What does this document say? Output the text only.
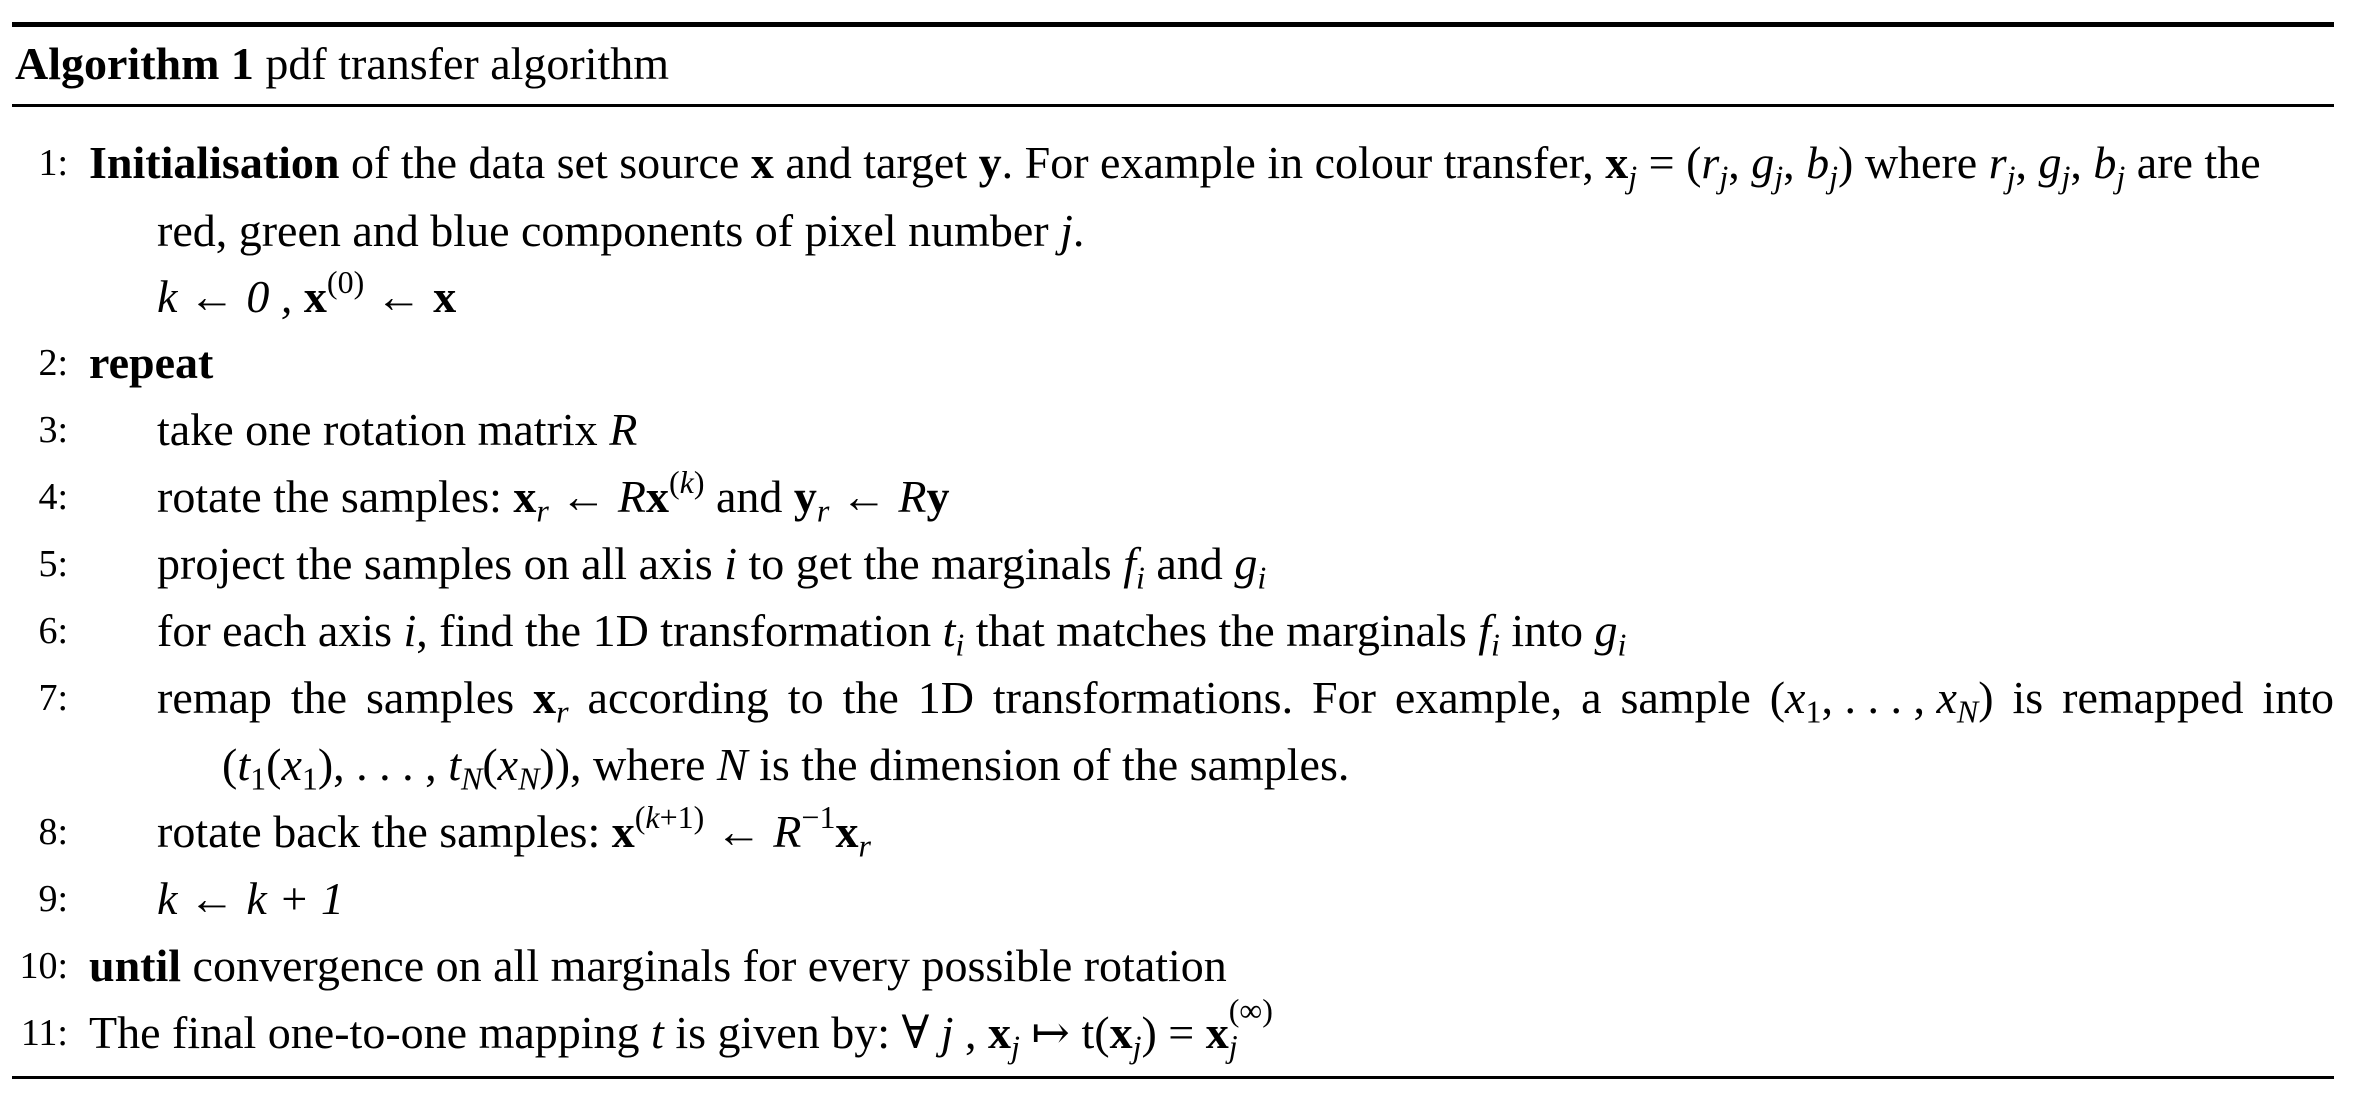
Algorithm 1 pdf transfer algorithm
1: Initialisation of the data set source x and target y. For example in colour transfer, $x_j = (r_j$, $g_j$, $b_j$) where $r_j$, $g_j$, $b_j$ are the
red, green and blue components of pixel number j.
k ← 0 , $x^{(0)}$ ← x
2: repeat
3: take one rotation matrix R
4: rotate the samples: $x_r$ ← Rx$^{(k)}$ and $y_r$ ← Ry
5: project the samples on all axis i to get the marginals $f_i$ and $g_i$
6: for each axis i, find the 1D transformation $t_i$ that matches the marginals $f_i$ into $g_i$
7: remap the samples $x_r$ according to the 1D transformations. For example, a sample ($x_1$, . . . , $x_N$) is remapped into
($t_1(x_1)$, . . . , $t_N(x_N)$), where N is the dimension of the samples.
8: rotate back the samples: $x^{(k+1)}$ ← $R^{-1}x_r$
9: k ← k + 1
10: until convergence on all marginals for every possible rotation
11: The final one-to-one mapping t is given by: ∀ j , $x_j$ ↦ $t(x_j) = x$ (∞)
j
